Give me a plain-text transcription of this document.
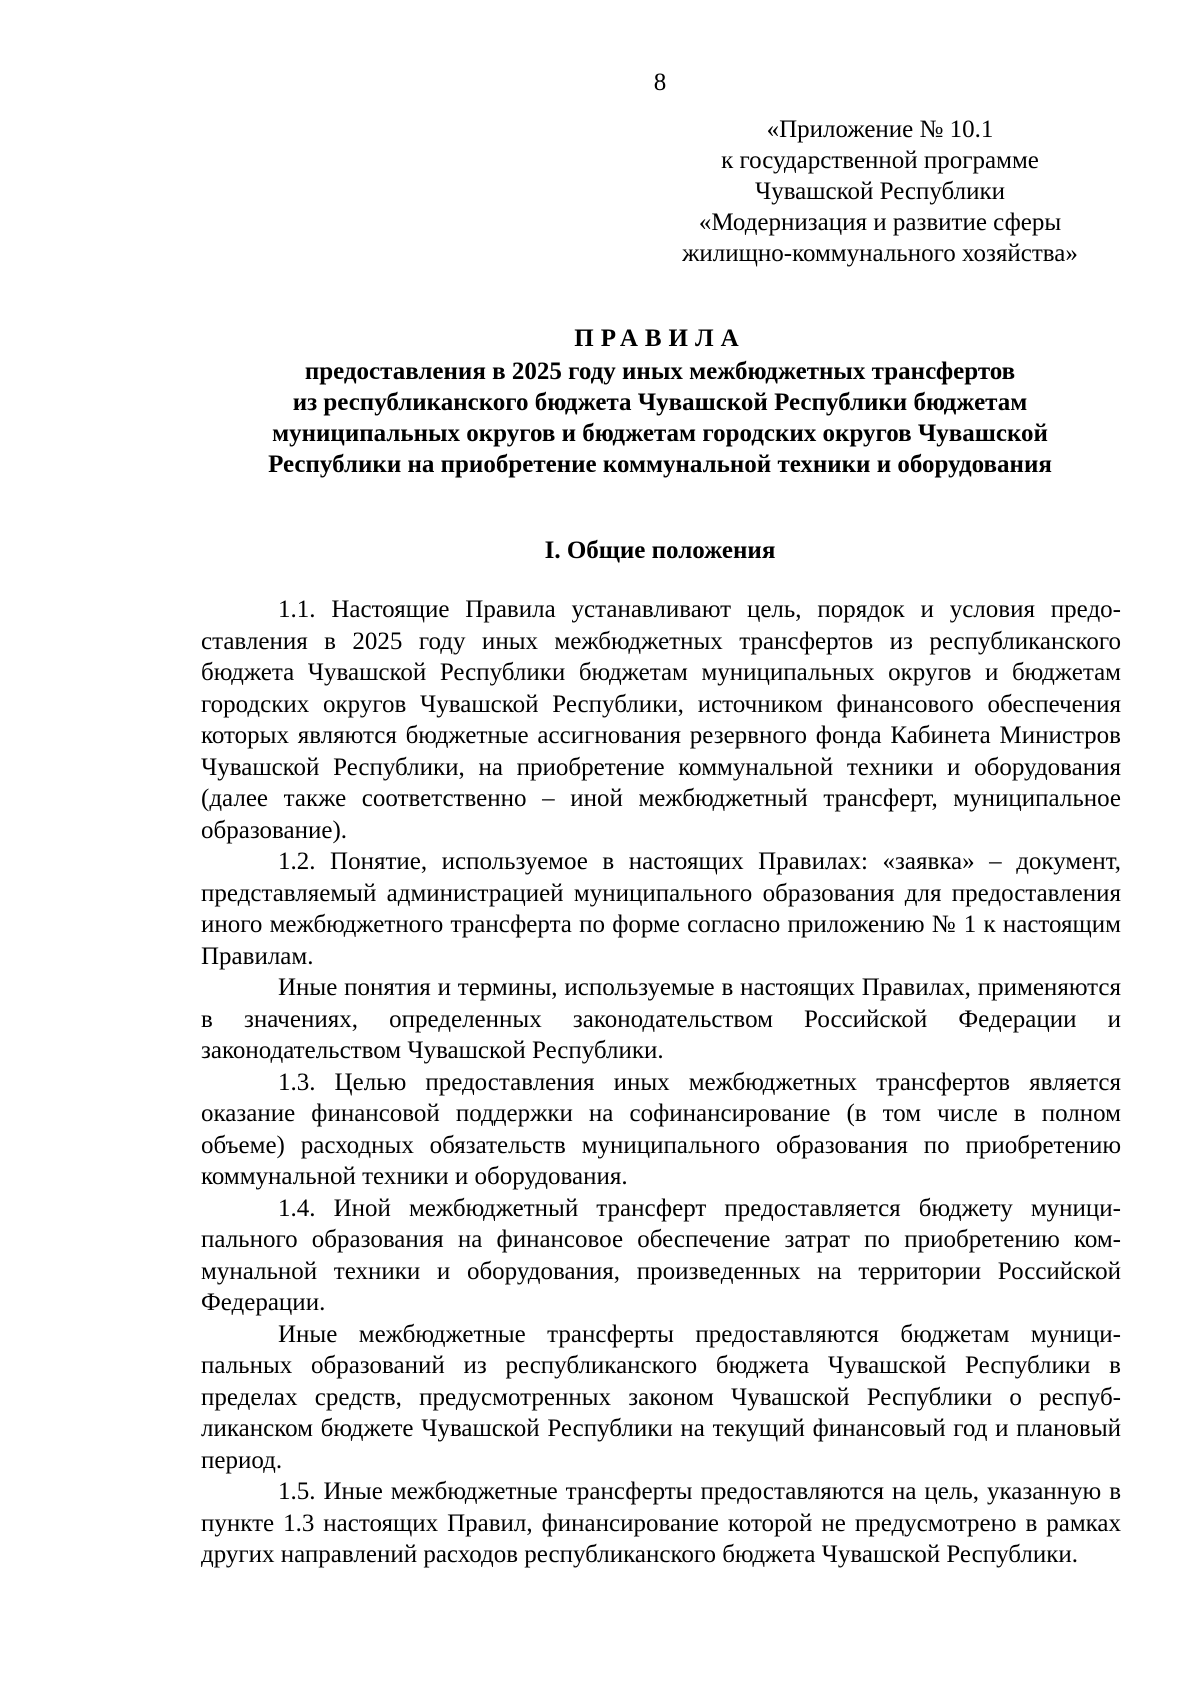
8
«Приложение № 10.1
к государственной программе
Чувашской Республики
«Модернизация и развитие сферы
жилищно-коммунального хозяйства»
ПРАВИЛА
предоставления в 2025 году иных межбюджетных трансфертов
из республиканского бюджета Чувашской Республики бюджетам
муниципальных округов и бюджетам городских округов Чувашской
Республики на приобретение коммунальной техники и оборудования
I. Общие положения

1.1. Настоящие Правила устанавливают цель, порядок и условия предоставления в 2025 году иных межбюджетных трансфертов из республиканского бюджета Чувашской Республики бюджетам муниципальных округов и бюджетам городских округов Чувашской Республики, источником финансового обеспечения которых являются бюджетные ассигнования резервного фонда Кабинета Министров Чувашской Республики, на приобретение коммунальной техники и оборудования (далее также соответственно – иной межбюджетный трансферт, муниципальное образование).

1.2. Понятие, используемое в настоящих Правилах: «заявка» – документ, представляемый администрацией муниципального образования для предоставления иного межбюджетного трансферта по форме согласно приложению № 1 к настоящим Правилам.

Иные понятия и термины, используемые в настоящих Правилах, применяются в значениях, определенных законодательством Российской Федерации и законодательством Чувашской Республики.

1.3. Целью предоставления иных межбюджетных трансфертов является оказание финансовой поддержки на софинансирование (в том числе в полном объеме) расходных обязательств муниципального образования по приобретению коммунальной техники и оборудования.

1.4. Иной межбюджетный трансферт предоставляется бюджету муниципального образования на финансовое обеспечение затрат по приобретению коммунальной техники и оборудования, произведенных на территории Российской Федерации.

Иные межбюджетные трансферты предоставляются бюджетам муниципальных образований из республиканского бюджета Чувашской Республики в пределах средств, предусмотренных законом Чувашской Республики о республиканском бюджете Чувашской Республики на текущий финансовый год и плановый период.

1.5. Иные межбюджетные трансферты предоставляются на цель, указанную в пункте 1.3 настоящих Правил, финансирование которой не предусмотрено в рамках других направлений расходов республиканского бюджета Чувашской Республики.
